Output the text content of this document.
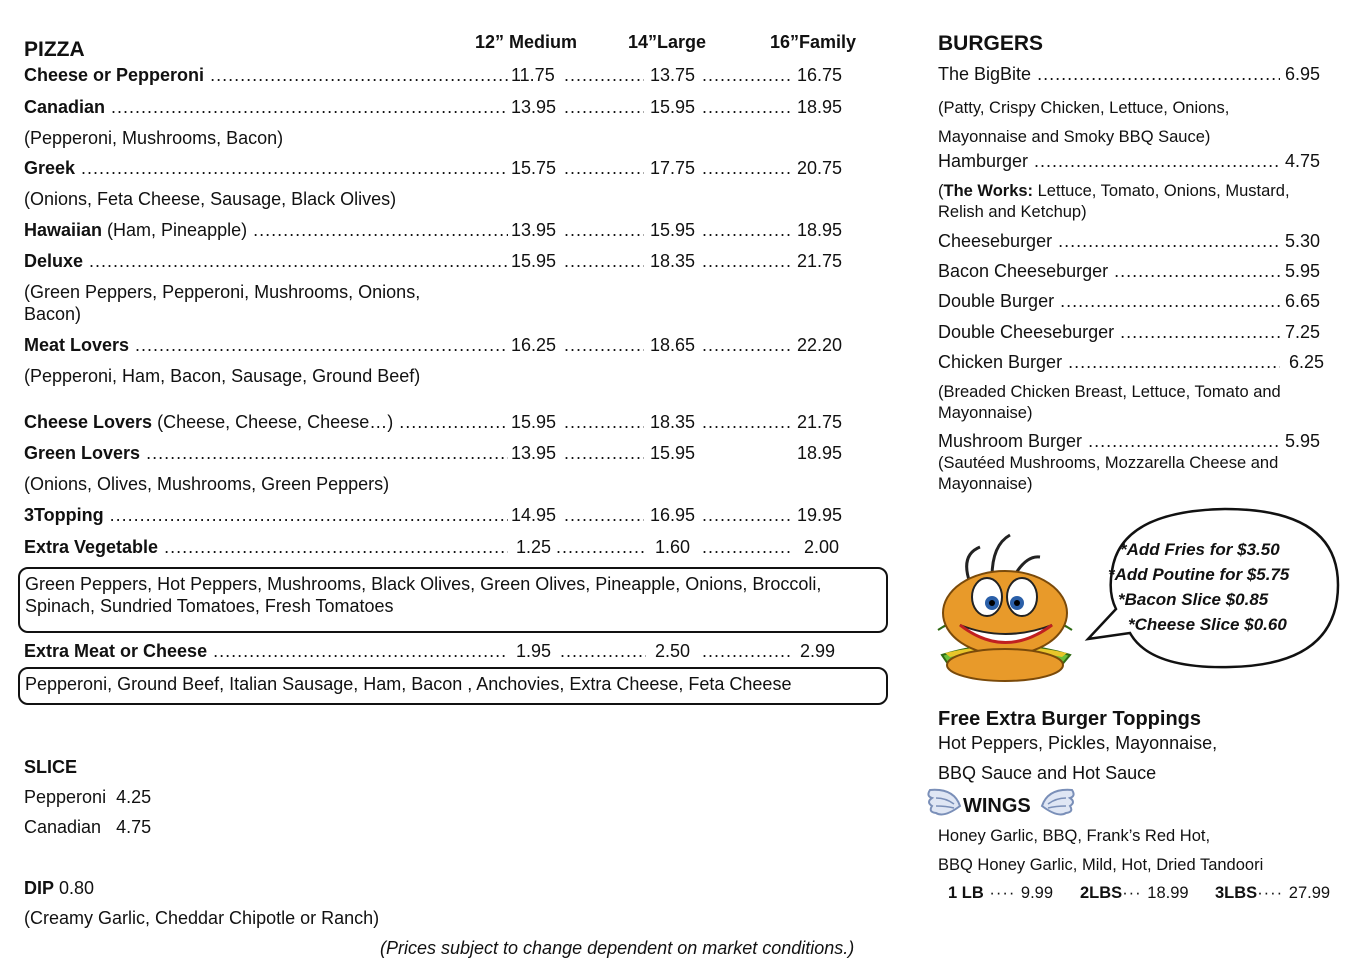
PIZZA	12” Medium	14”Large	16”Family
Cheese or Pepperoni .....	11.75 .....	13.75 .....	16.75
Canadian .....	13.95 .....	15.95 .....	18.95
(Pepperoni, Mushrooms, Bacon)
Greek .....	15.75 .....	17.75 .....	20.75
(Onions, Feta Cheese, Sausage, Black Olives)
Hawaiian (Ham, Pineapple) .....	13.95 .....	15.95 .....	18.95
Deluxe .....	15.95 .....	18.35 .....	21.75
(Green Peppers, Pepperoni, Mushrooms, Onions, Bacon)
Meat Lovers .....	16.25 .....	18.65 .....	22.20
(Pepperoni, Ham, Bacon, Sausage, Ground Beef)
Cheese Lovers (Cheese, Cheese, Cheese…) .....	15.95 .....	18.35 .....	21.75
Green Lovers .....	13.95 .....	15.95	18.95
(Onions, Olives, Mushrooms, Green Peppers)
3Topping .....	14.95 .....	16.95 .....	19.95
Extra Vegetable .....	1.25 .....	1.60 .....	2.00
Green Peppers, Hot Peppers, Mushrooms, Black Olives, Green Olives, Pineapple, Onions, Broccoli, Spinach, Sundried Tomatoes, Fresh Tomatoes
Extra Meat or Cheese .....	1.95 .....	2.50 .....	2.99
Pepperoni, Ground Beef, Italian Sausage, Ham, Bacon , Anchovies, Extra Cheese, Feta Cheese
SLICE
Pepperoni 4.25
Canadian 4.75
DIP 0.80
(Creamy Garlic, Cheddar Chipotle or Ranch)
(Prices subject to change dependent on market conditions.)
BURGERS
The BigBite .....	6.95
(Patty, Crispy Chicken, Lettuce, Onions, Mayonnaise and Smoky BBQ Sauce)
Hamburger .....	4.75
(The Works: Lettuce, Tomato, Onions, Mustard, Relish and Ketchup)
Cheeseburger .....	5.30
Bacon Cheeseburger .....	5.95
Double Burger .....	6.65
Double Cheeseburger .....	7.25
Chicken Burger .....	6.25
(Breaded Chicken Breast, Lettuce, Tomato and Mayonnaise)
Mushroom Burger .....	5.95
(Sautéed Mushrooms, Mozzarella Cheese and Mayonnaise)
*Add Fries for $3.50
*Add Poutine for $5.75
*Bacon Slice $0.85
*Cheese Slice $0.60
Free Extra Burger Toppings
Hot Peppers, Pickles, Mayonnaise,
BBQ Sauce and Hot Sauce
WINGS
Honey Garlic, BBQ, Frank’s Red Hot,
BBQ Honey Garlic, Mild, Hot, Dried Tandoori
1 LB ···· 9.99 2LBS··· 18.99 3LBS···· 27.99
